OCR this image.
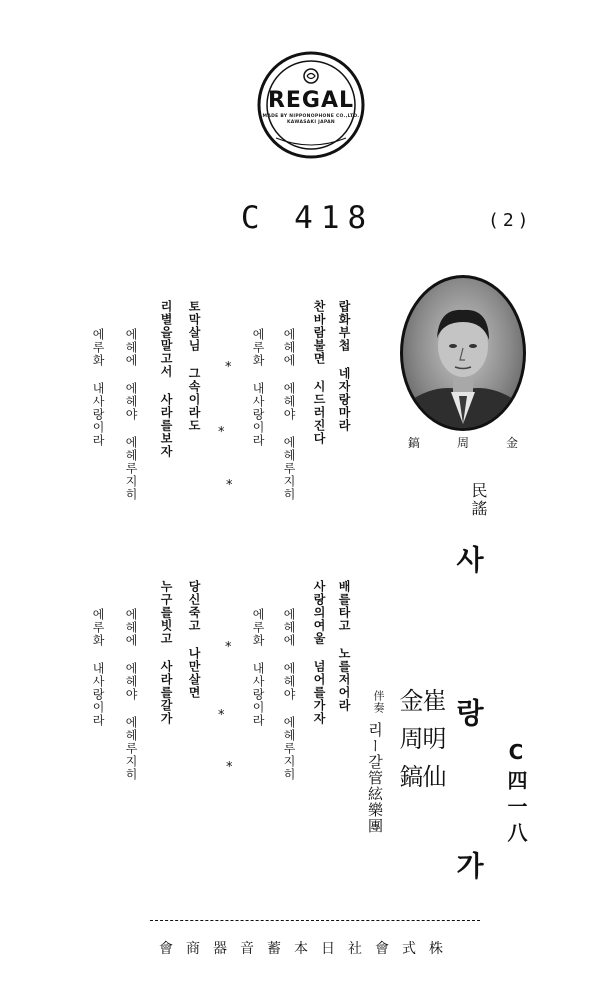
REGAL
MADE BY NIPPONOPHONE CO.,LTD.
KAWASAKI JAPAN
C 418	(2)
金
周
鎬
民謠
사 랑 가
崔明仙
金周鎬
伴奏
리ー갈管絃樂團	C四一八
랍화부첩 네자랑마라
찬바람불면 시드러진다
에헤에 에헤야 에헤루지히
에루화 내사랑이라
*
*
*
토막살님 그속이라도
리별을말고서 사라를보자
에헤에 에헤야 에헤루지히
에루화 내사랑이라
배를타고 노를저어라
사랑의여울 넘어를가자
에헤에 에헤야 에헤루지히
에루화 내사랑이라
*
*
*
당신죽고 나만살면
누구를빗고 사라를갈가
에헤에 에헤야 에헤루지히
에루화 내사랑이라
株式會社日本蓄音器商會
